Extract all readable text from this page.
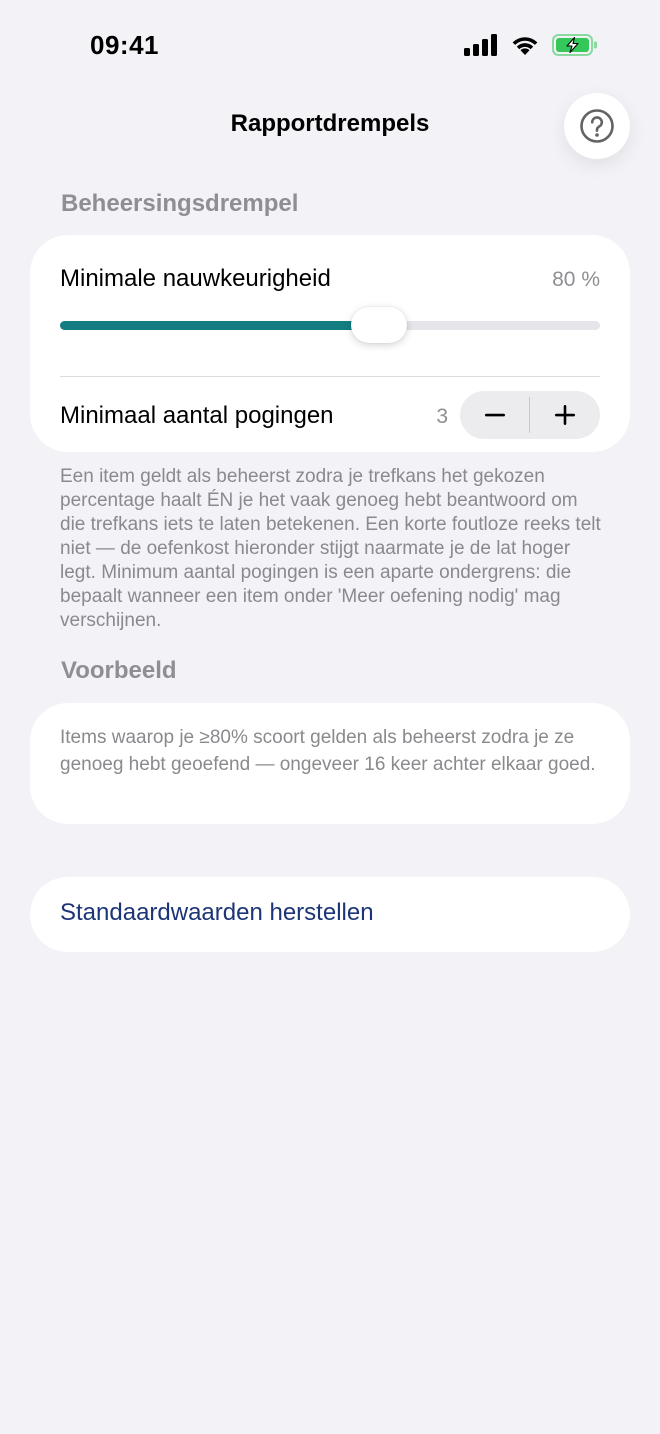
09:41
Rapportdrempels
Beheersingsdrempel
Minimale nauwkeurigheid	80 %
Minimaal aantal pogingen	3
Een item geldt als beheerst zodra je trefkans het gekozen percentage haalt ÉN je het vaak genoeg hebt beantwoord om die trefkans iets te laten betekenen. Een korte foutloze reeks telt niet — de oefenkost hieronder stijgt naarmate je de lat hoger legt. Minimum aantal pogingen is een aparte ondergrens: die bepaalt wanneer een item onder 'Meer oefening nodig' mag verschijnen.
Voorbeeld
Items waarop je ≥80% scoort gelden als beheerst zodra je ze genoeg hebt geoefend — ongeveer 16 keer achter elkaar goed.
Standaardwaarden herstellen
